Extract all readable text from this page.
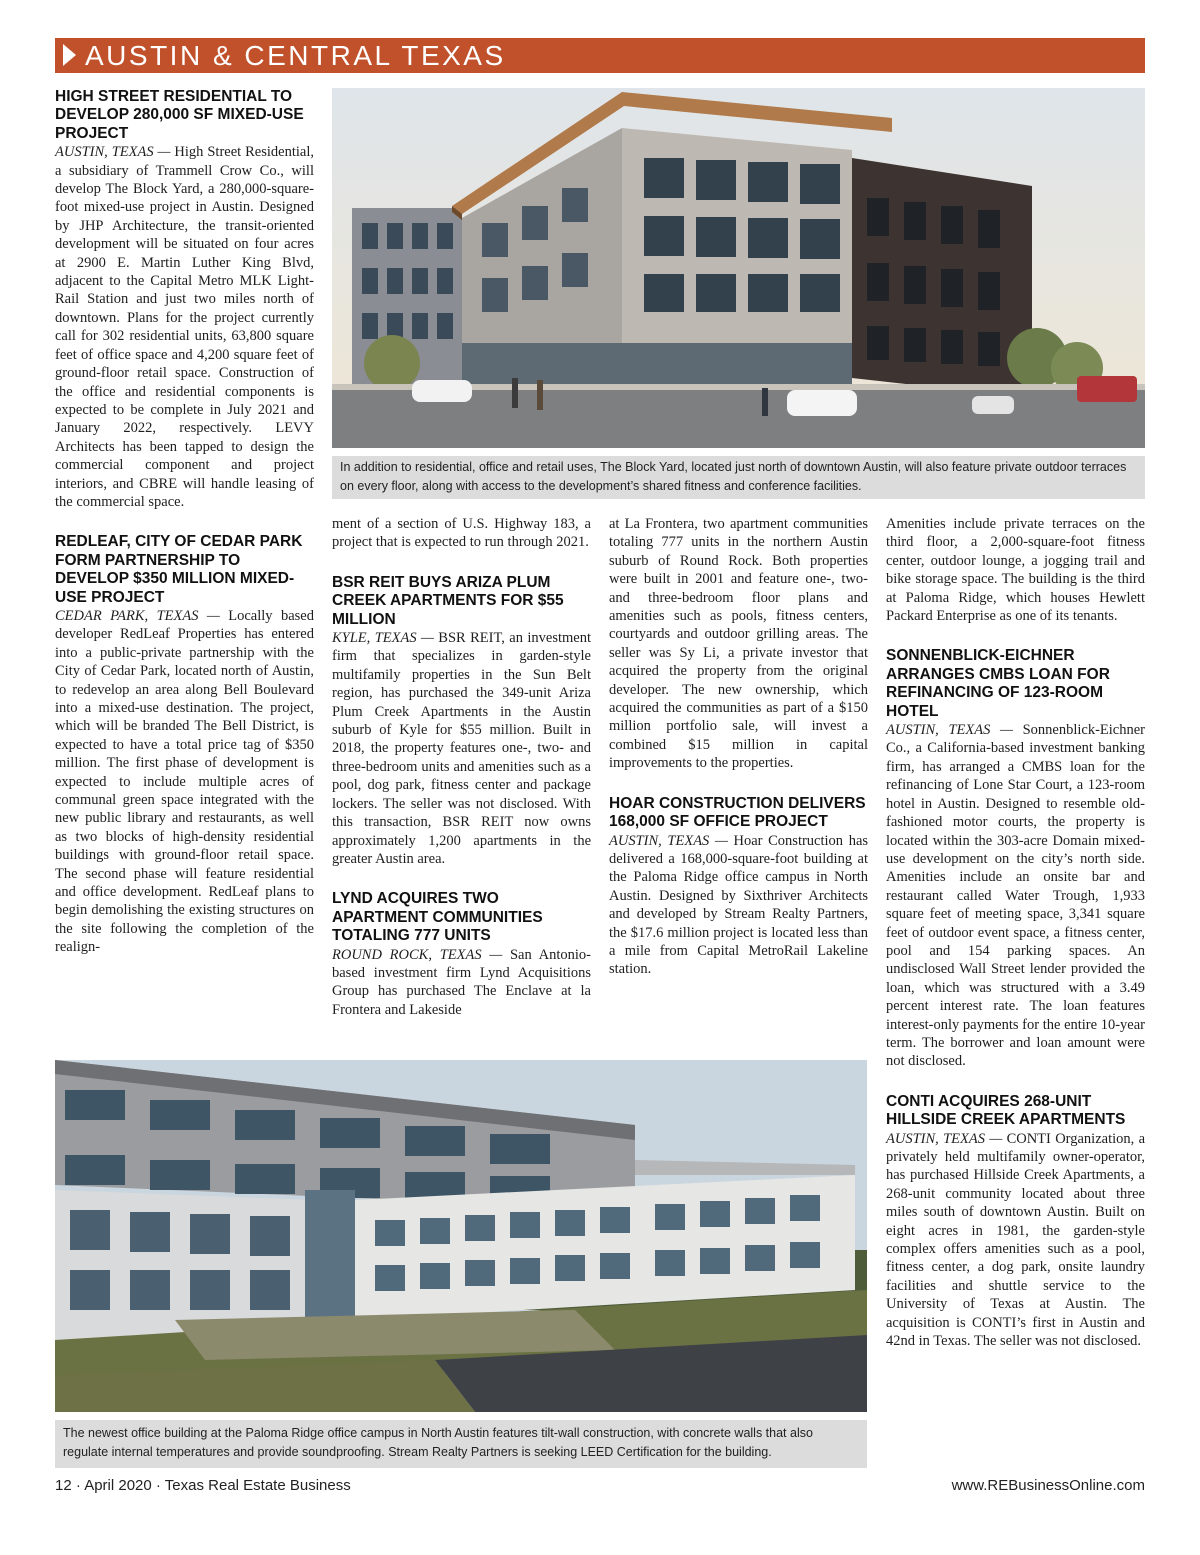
AUSTIN & CENTRAL TEXAS
HIGH STREET RESIDENTIAL TO DEVELOP 280,000 SF MIXED-USE PROJECT

AUSTIN, TEXAS — High Street Residential, a subsidiary of Trammell Crow Co., will develop The Block Yard, a 280,000-square-foot mixed-use project in Austin. Designed by JHP Architecture, the transit-oriented development will be situated on four acres at 2900 E. Martin Luther King Blvd, adjacent to the Capital Metro MLK Light-Rail Station and just two miles north of downtown. Plans for the project currently call for 302 residential units, 63,800 square feet of office space and 4,200 square feet of ground-floor retail space. Construction of the office and residential components is expected to be complete in July 2021 and January 2022, respectively. LEVY Architects has been tapped to design the commercial component and project interiors, and CBRE will handle leasing of the commercial space.

REDLEAF, CITY OF CEDAR PARK FORM PARTNERSHIP TO DEVELOP $350 MILLION MIXED-USE PROJECT

CEDAR PARK, TEXAS — Locally based developer RedLeaf Properties has entered into a public-private partnership with the City of Cedar Park, located north of Austin, to redevelop an area along Bell Boulevard into a mixed-use destination. The project, which will be branded The Bell District, is expected to have a total price tag of $350 million. The first phase of development is expected to include multiple acres of communal green space integrated with the new public library and restaurants, as well as two blocks of high-density residential buildings with ground-floor retail space. The second phase will feature residential and office development. RedLeaf plans to begin demolishing the existing structures on the site following the completion of the realign-

In addition to residential, office and retail uses, The Block Yard, located just north of downtown Austin, will also feature private outdoor terraces on every floor, along with access to the development’s shared fitness and conference facilities.

ment of a section of U.S. Highway 183, a project that is expected to run through 2021.

BSR REIT BUYS ARIZA PLUM CREEK APARTMENTS FOR $55 MILLION

KYLE, TEXAS — BSR REIT, an investment firm that specializes in garden-style multifamily properties in the Sun Belt region, has purchased the 349-unit Ariza Plum Creek Apartments in the Austin suburb of Kyle for $55 million. Built in 2018, the property features one-, two- and three-bedroom units and amenities such as a pool, dog park, fitness center and package lockers. The seller was not disclosed. With this transaction, BSR REIT now owns approximately 1,200 apartments in the greater Austin area.

LYND ACQUIRES TWO APARTMENT COMMUNITIES TOTALING 777 UNITS

ROUND ROCK, TEXAS — San Antonio-based investment firm Lynd Acquisitions Group has purchased The Enclave at la Frontera and Lakeside

at La Frontera, two apartment communities totaling 777 units in the northern Austin suburb of Round Rock. Both properties were built in 2001 and feature one-, two- and three-bedroom floor plans and amenities such as pools, fitness centers, courtyards and outdoor grilling areas. The seller was Sy Li, a private investor that acquired the property from the original developer. The new ownership, which acquired the communities as part of a $150 million portfolio sale, will invest a combined $15 million in capital improvements to the properties.

HOAR CONSTRUCTION DELIVERS 168,000 SF OFFICE PROJECT

AUSTIN, TEXAS — Hoar Construction has delivered a 168,000-square-foot building at the Paloma Ridge office campus in North Austin. Designed by Sixthriver Architects and developed by Stream Realty Partners, the $17.6 million project is located less than a mile from Capital MetroRail Lakeline station.

Amenities include private terraces on the third floor, a 2,000-square-foot fitness center, outdoor lounge, a jogging trail and bike storage space. The building is the third at Paloma Ridge, which houses Hewlett Packard Enterprise as one of its tenants.

SONNENBLICK-EICHNER ARRANGES CMBS LOAN FOR REFINANCING OF 123-ROOM HOTEL

AUSTIN, TEXAS — Sonnenblick-Eichner Co., a California-based investment banking firm, has arranged a CMBS loan for the refinancing of Lone Star Court, a 123-room hotel in Austin. Designed to resemble old-fashioned motor courts, the property is located within the 303-acre Domain mixed-use development on the city’s north side. Amenities include an onsite bar and restaurant called Water Trough, 1,933 square feet of meeting space, 3,341 square feet of outdoor event space, a fitness center, pool and 154 parking spaces. An undisclosed Wall Street lender provided the loan, which was structured with a 3.49 percent interest rate. The loan features interest-only payments for the entire 10-year term. The borrower and loan amount were not disclosed.

CONTI ACQUIRES 268-UNIT HILLSIDE CREEK APARTMENTS

AUSTIN, TEXAS — CONTI Organization, a privately held multifamily owner-operator, has purchased Hillside Creek Apartments, a 268-unit community located about three miles south of downtown Austin. Built on eight acres in 1981, the garden-style complex offers amenities such as a pool, fitness center, a dog park, onsite laundry facilities and shuttle service to the University of Texas at Austin. The acquisition is CONTI’s first in Austin and 42nd in Texas. The seller was not disclosed.

The newest office building at the Paloma Ridge office campus in North Austin features tilt-wall construction, with concrete walls that also regulate internal temperatures and provide soundproofing. Stream Realty Partners is seeking LEED Certification for the building.
12 · April 2020 · Texas Real Estate Business	www.REBusinessOnline.com
